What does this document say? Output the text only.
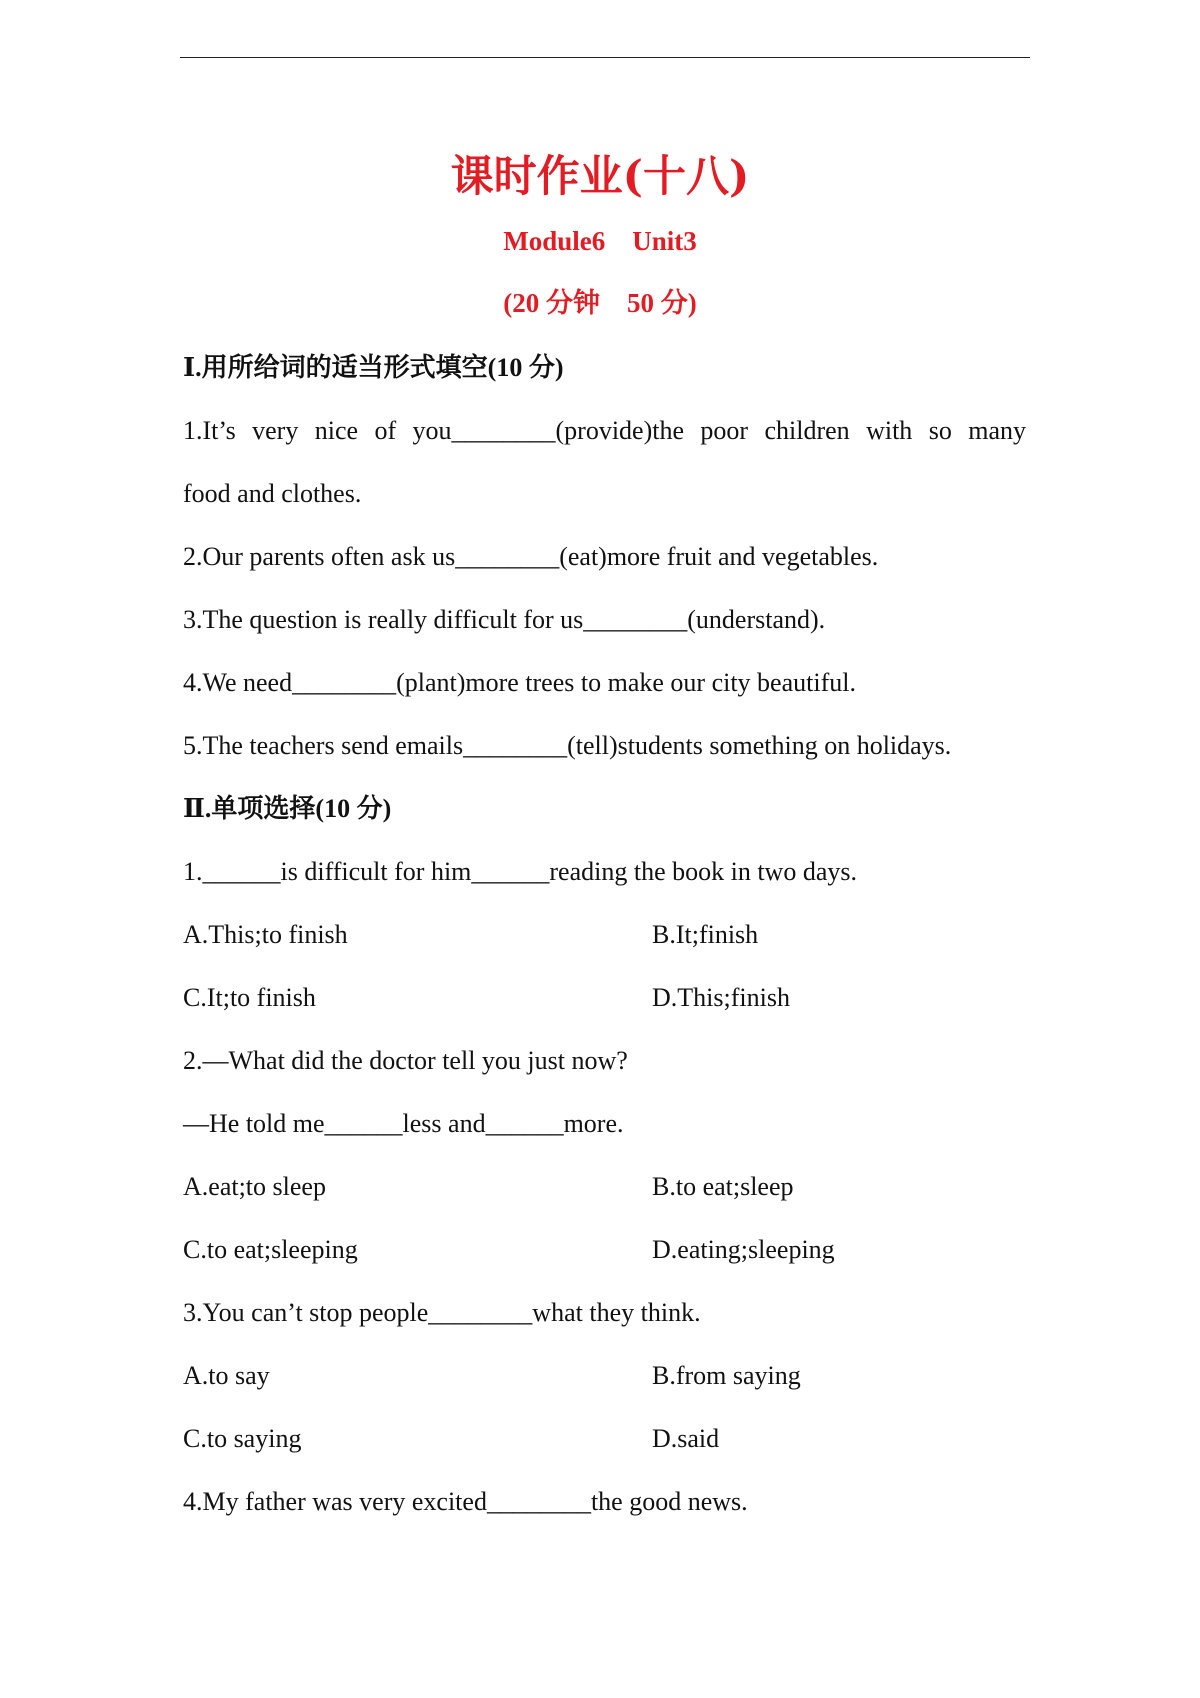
课时作业(十八)
Module6    Unit3
(20 分钟    50 分)
Ⅰ.用所给词的适当形式填空(10 分)
1.It’s very nice of you________(provide)the poor children with so many
food and clothes.
2.Our parents often ask us________(eat)more fruit and vegetables.
3.The question is really difficult for us________(understand).
4.We need________(plant)more trees to make our city beautiful.
5.The teachers send emails________(tell)students something on holidays.
Ⅱ.单项选择(10 分)
1.______is difficult for him______reading the book in two days.
A.This;to finish	B.It;finish
C.It;to finish	D.This;finish
2.—What did the doctor tell you just now?
—He told me______less and______more.
A.eat;to sleep	B.to eat;sleep
C.to eat;sleeping	D.eating;sleeping
3.You can’t stop people________what they think.
A.to say	B.from saying
C.to saying	D.said
4.My father was very excited________the good news.
